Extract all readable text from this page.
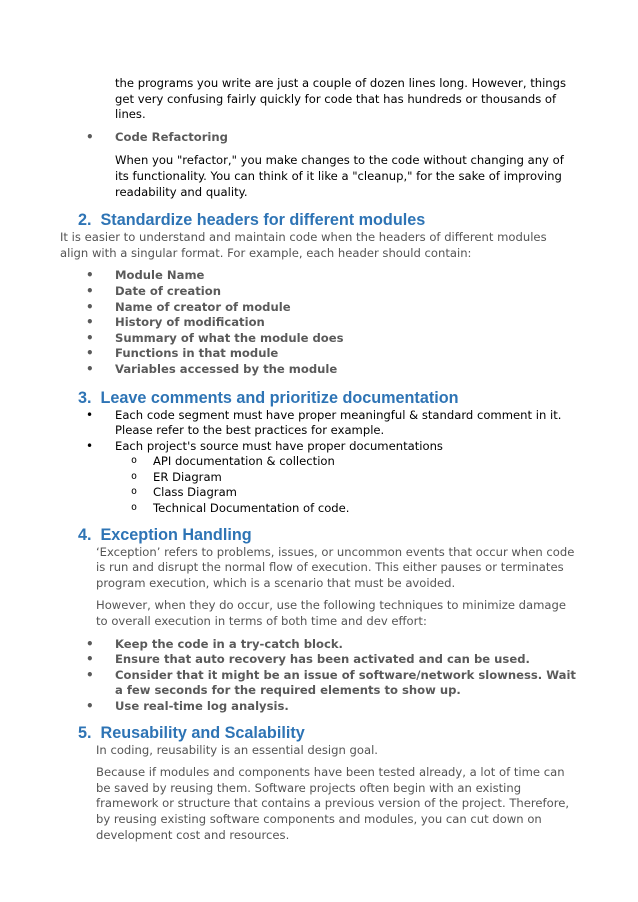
the programs you write are just a couple of dozen lines long. However, things get very confusing fairly quickly for code that has hundreds or thousands of lines.

• Code Refactoring

When you "refactor," you make changes to the code without changing any of its functionality. You can think of it like a "cleanup," for the sake of improving readability and quality.

2. Standardize headers for different modules

It is easier to understand and maintain code when the headers of different modules align with a singular format. For example, each header should contain:

• Module Name
• Date of creation
• Name of creator of module
• History of modification
• Summary of what the module does
• Functions in that module
• Variables accessed by the module
3. Leave comments and prioritize documentation
• Each code segment must have proper meaningful & standard comment in it. Please refer to the best practices for example.
• Each project's source must have proper documentations
o API documentation & collection
o ER Diagram
o Class Diagram
o Technical Documentation of code.
4. Exception Handling

‘Exception’ refers to problems, issues, or uncommon events that occur when code is run and disrupt the normal flow of execution. This either pauses or terminates program execution, which is a scenario that must be avoided.

However, when they do occur, use the following techniques to minimize damage to overall execution in terms of both time and dev effort:

• Keep the code in a try-catch block.
• Ensure that auto recovery has been activated and can be used.
• Consider that it might be an issue of software/network slowness. Wait a few seconds for the required elements to show up.
• Use real-time log analysis.
5. Reusability and Scalability

In coding, reusability is an essential design goal.

Because if modules and components have been tested already, a lot of time can be saved by reusing them. Software projects often begin with an existing framework or structure that contains a previous version of the project. Therefore, by reusing existing software components and modules, you can cut down on development cost and resources.
